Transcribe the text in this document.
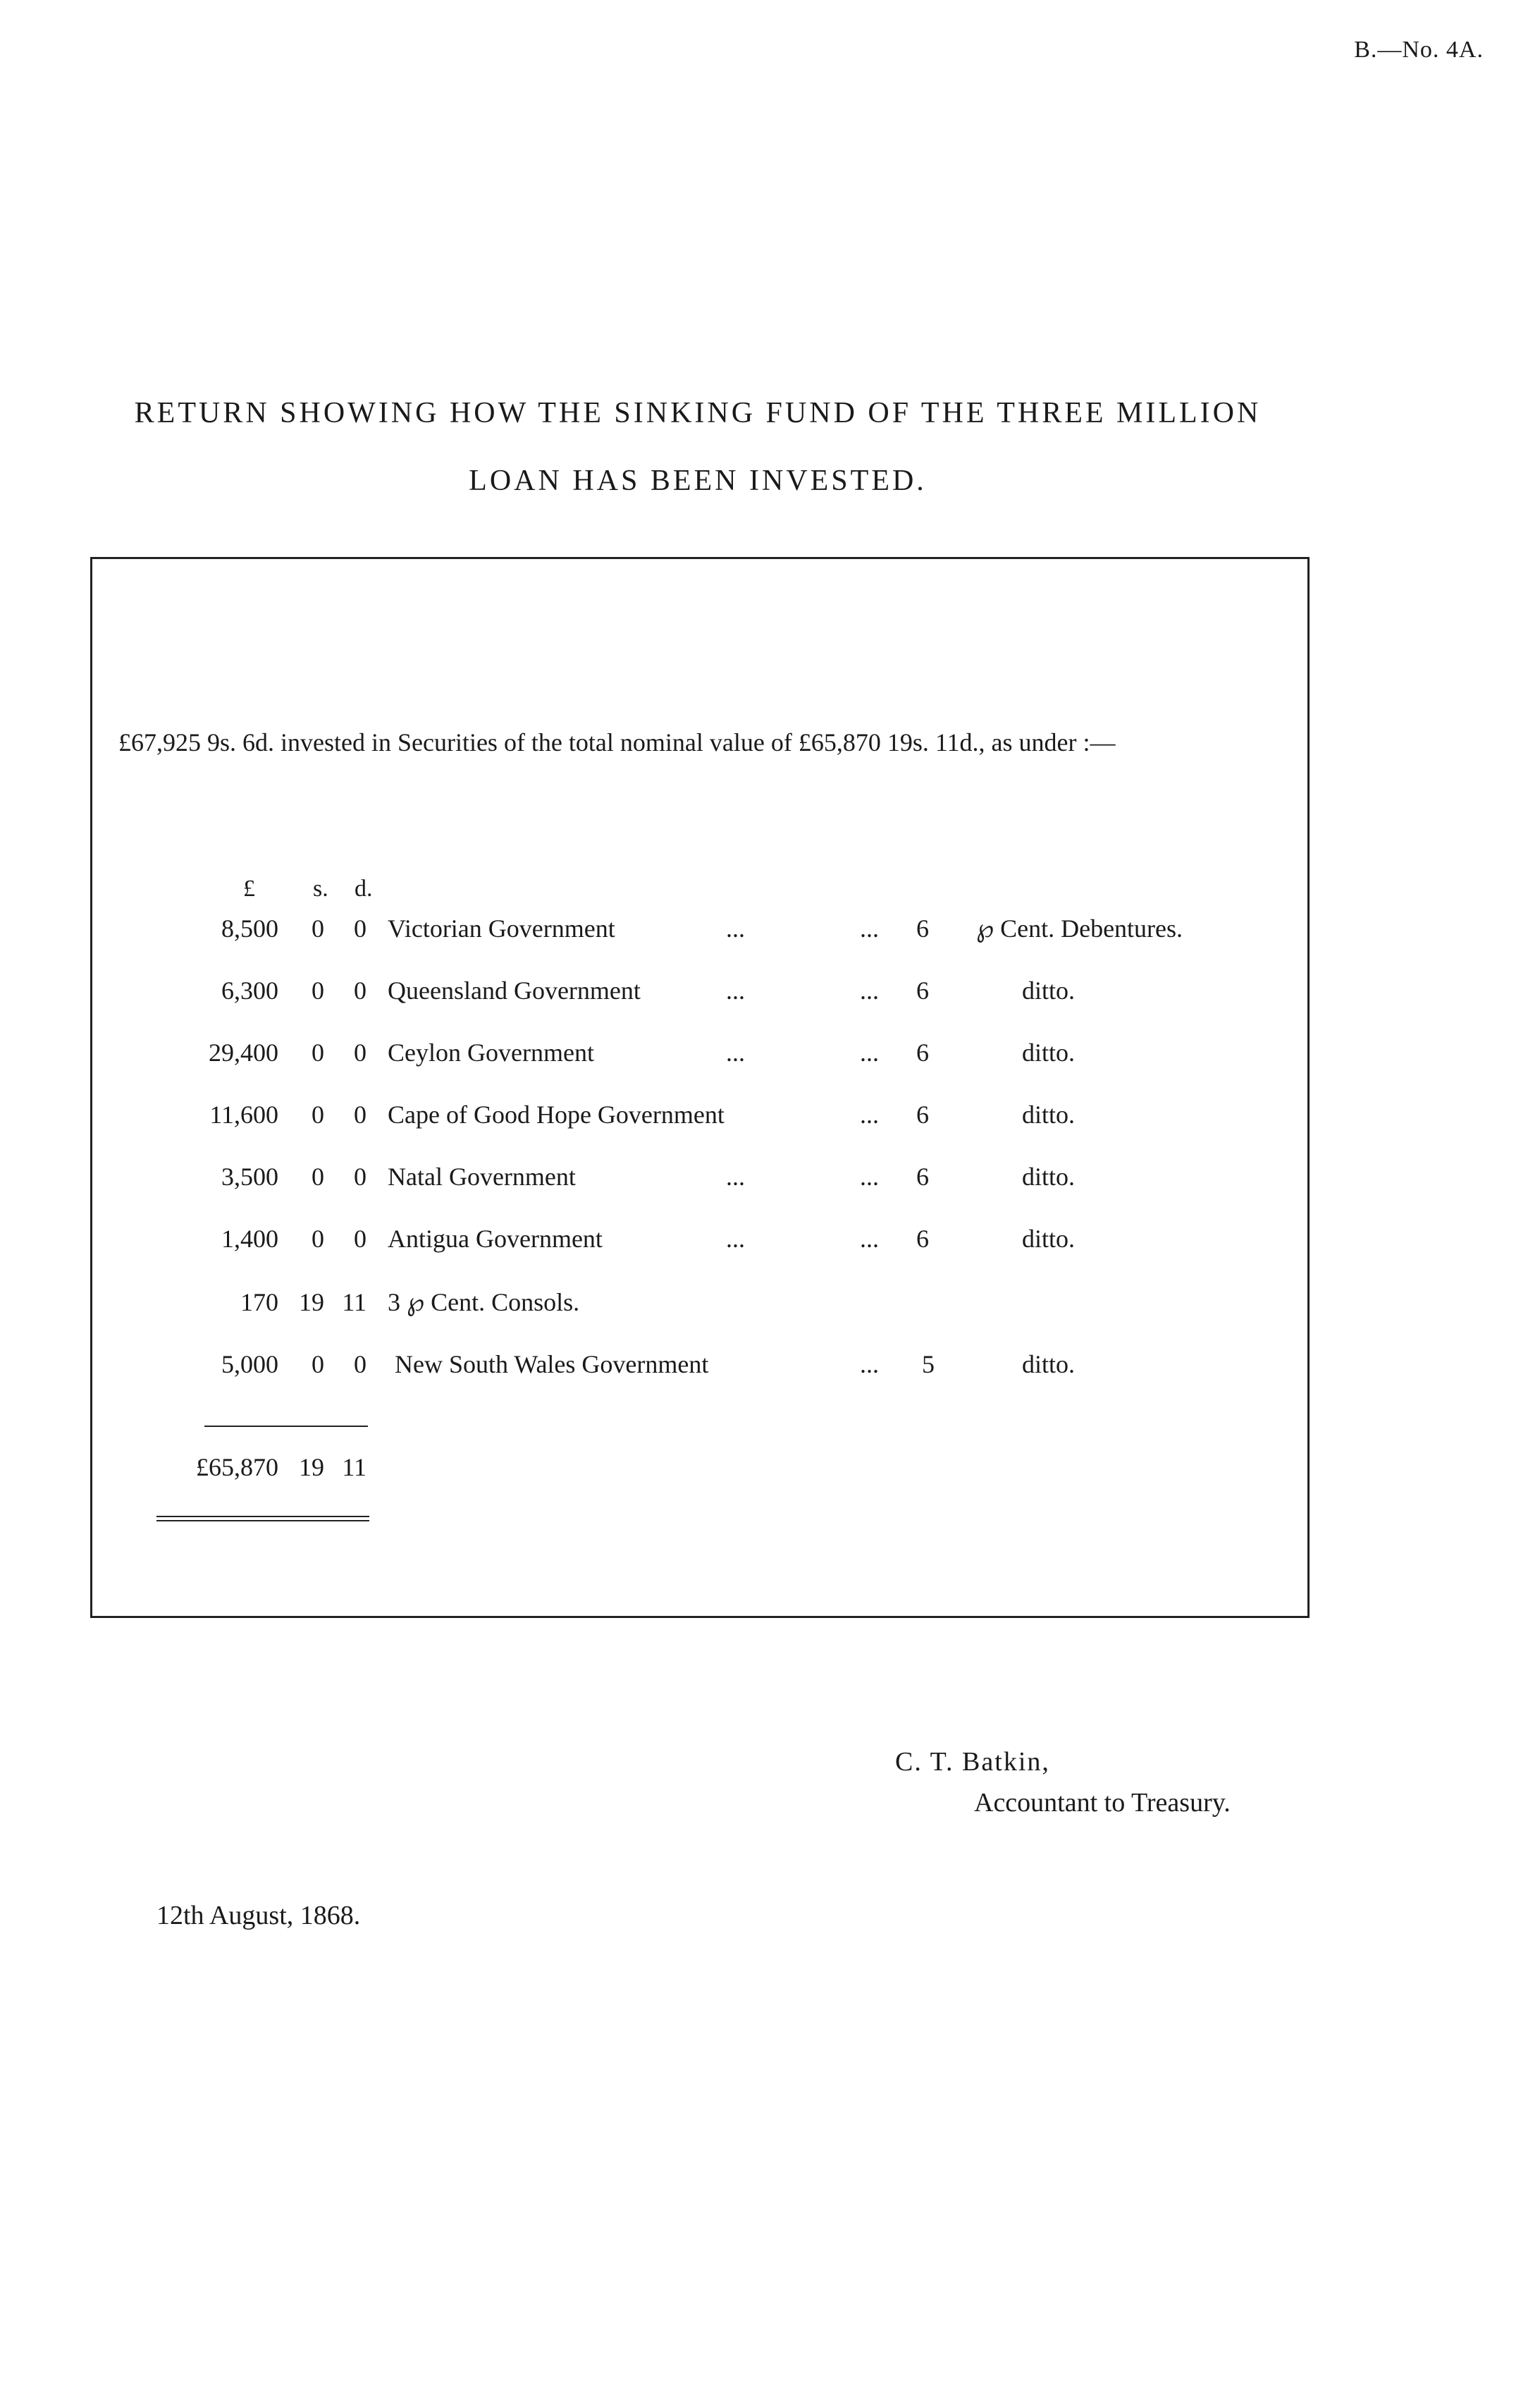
B.—No. 4A.
RETURN SHOWING HOW THE SINKING FUND OF THE THREE MILLION
LOAN HAS BEEN INVESTED.
£67,925 9s. 6d. invested in Securities of the total nominal value of £65,870 19s. 11d., as under :—
£ s. d.
8,500 0 0 Victorian Government	...	... 6 ℘ Cent. Debentures.
6,300 0 0 Queensland Government	...	... 6	ditto.
29,400 0 0 Ceylon Government	...	... 6	ditto.
11,600 0 0 Cape of Good Hope Government	... 6	ditto.
3,500 0 0 Natal Government	...	... 6	ditto.
1,400 0 0 Antigua Government	...	... 6	ditto.
170 19 11 3 ℘ Cent. Consols.
5,000 0 0 New South Wales Government	... 5	ditto.
£65,870 19 11
C. T. Batkin,
Accountant to Treasury.
12th August, 1868.
